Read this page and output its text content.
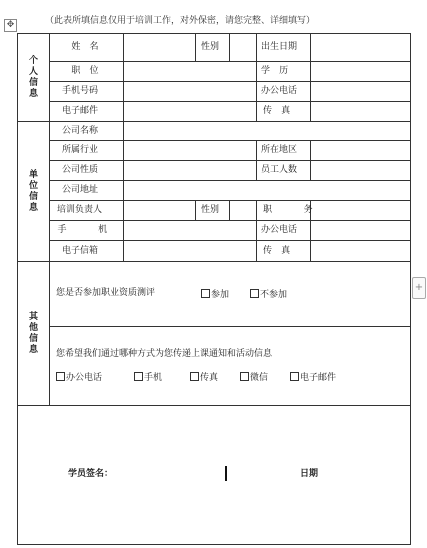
✥
+
（此表所填信息仅用于培训工作，对外保密，请您完整、详细填写）
个
人
信
息
单
位
信
息
其
他
信
息
姓 名	性别	出生日期
职 位	学 历
手机号码	办公电话
电子邮件	传 真
公司名称
所属行业	所在地区
公司性质	员工人数
公司地址
培训负责人	性别	职 务
手 机	办公电话
电子信箱	传 真
您是否参加职业资质测评	参加	不参加
您希望我们通过哪种方式为您传递上课通知和活动信息
办公电话	手机	传真	微信	电子邮件
学员签名：	日期
